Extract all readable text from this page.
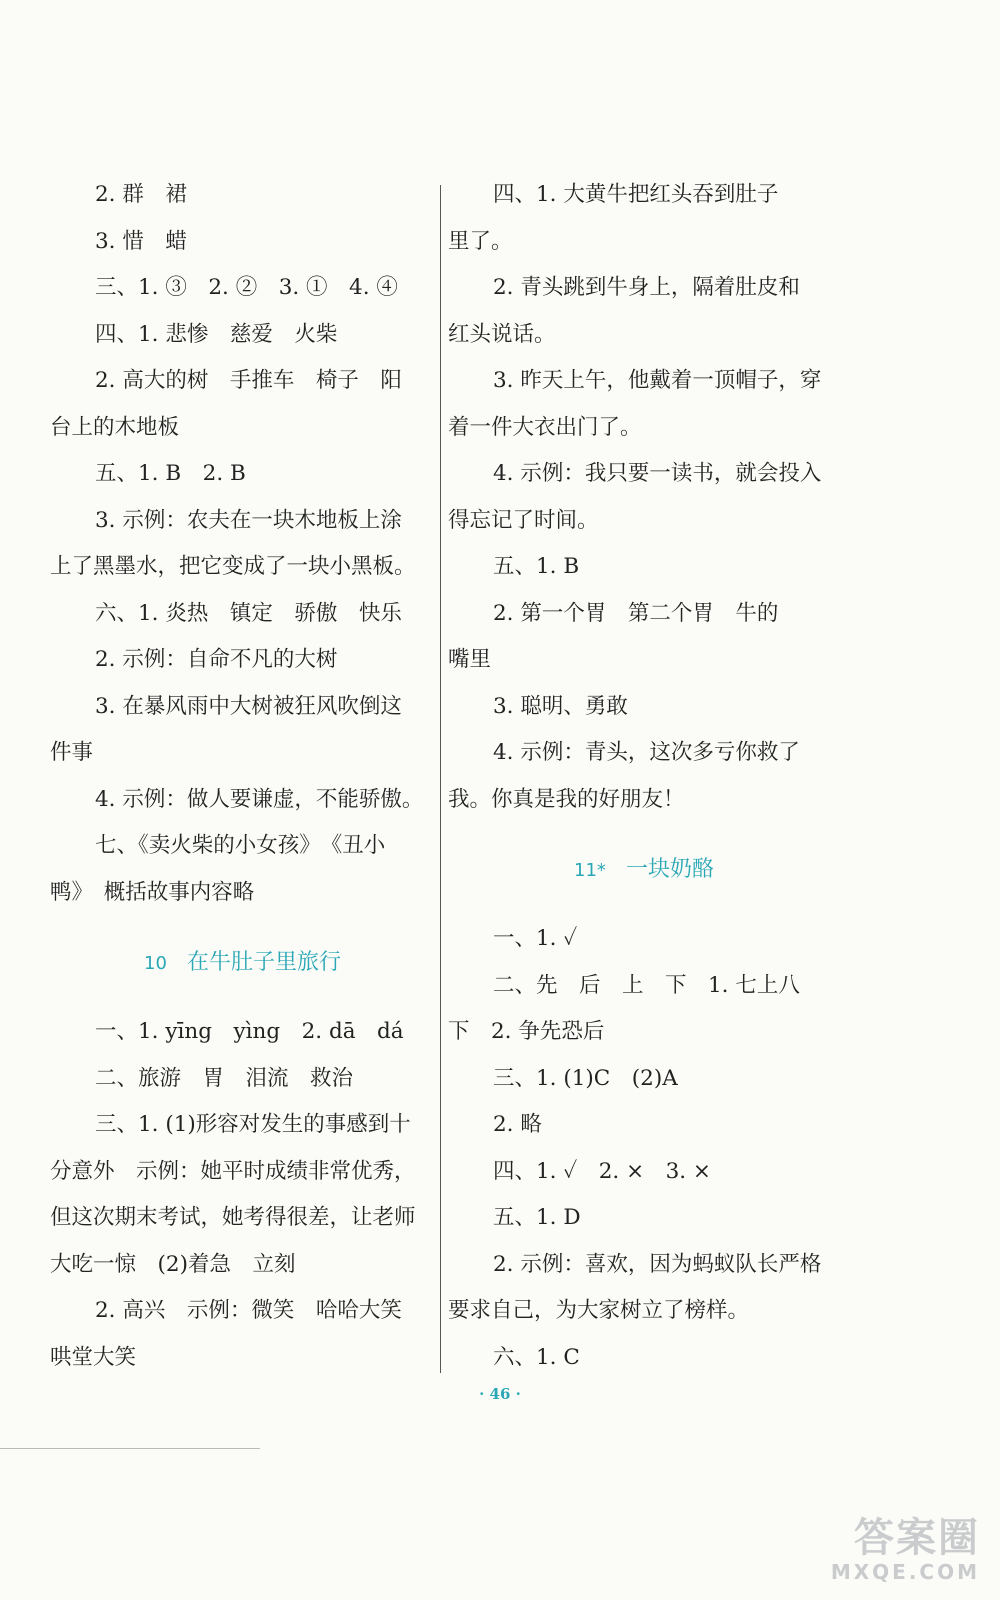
2. 群　裙
3. 惜　蜡
三、1. ③　2. ②　3. ①　4. ④
四、1. 悲惨　慈爱　火柴
2. 高大的树　手推车　椅子　阳
台上的木地板
五、1. B　2. B
3. 示例：农夫在一块木地板上涂
上了黑墨水，把它变成了一块小黑板。
六、1. 炎热　镇定　骄傲　快乐
2. 示例：自命不凡的大树
3. 在暴风雨中大树被狂风吹倒这
件事
4. 示例：做人要谦虚，不能骄傲。
七、《卖火柴的小女孩》　《丑小
鸭》　概括故事内容略
10 在牛肚子里旅行
一、1. yīng　yìng　2. dā　dá
二、旅游　胃　泪流　救治
三、1. (1)形容对发生的事感到十
分意外　示例：她平时成绩非常优秀，
但这次期末考试，她考得很差，让老师
大吃一惊　(2)着急　立刻
2. 高兴　示例：微笑　哈哈大笑
哄堂大笑
四、1. 大黄牛把红头吞到肚子
里了。
2. 青头跳到牛身上，隔着肚皮和
红头说话。
3. 昨天上午，他戴着一顶帽子，穿
着一件大衣出门了。
4. 示例：我只要一读书，就会投入
得忘记了时间。
五、1. B
2. 第一个胃　第二个胃　牛的
嘴里
3. 聪明、勇敢
4. 示例：青头，这次多亏你救了
我。你真是我的好朋友！
11* 一块奶酪
一、1. ✓
二、先　后　上　下　1. 七上八
下　2. 争先恐后
三、1. (1)C　(2)A
2. 略
四、1. ✓　2. ×　3. ×
五、1. D
2. 示例：喜欢，因为蚂蚁队长严格
要求自己，为大家树立了榜样。
六、1. C
· 46 ·
答案圈
MXQE.COM
